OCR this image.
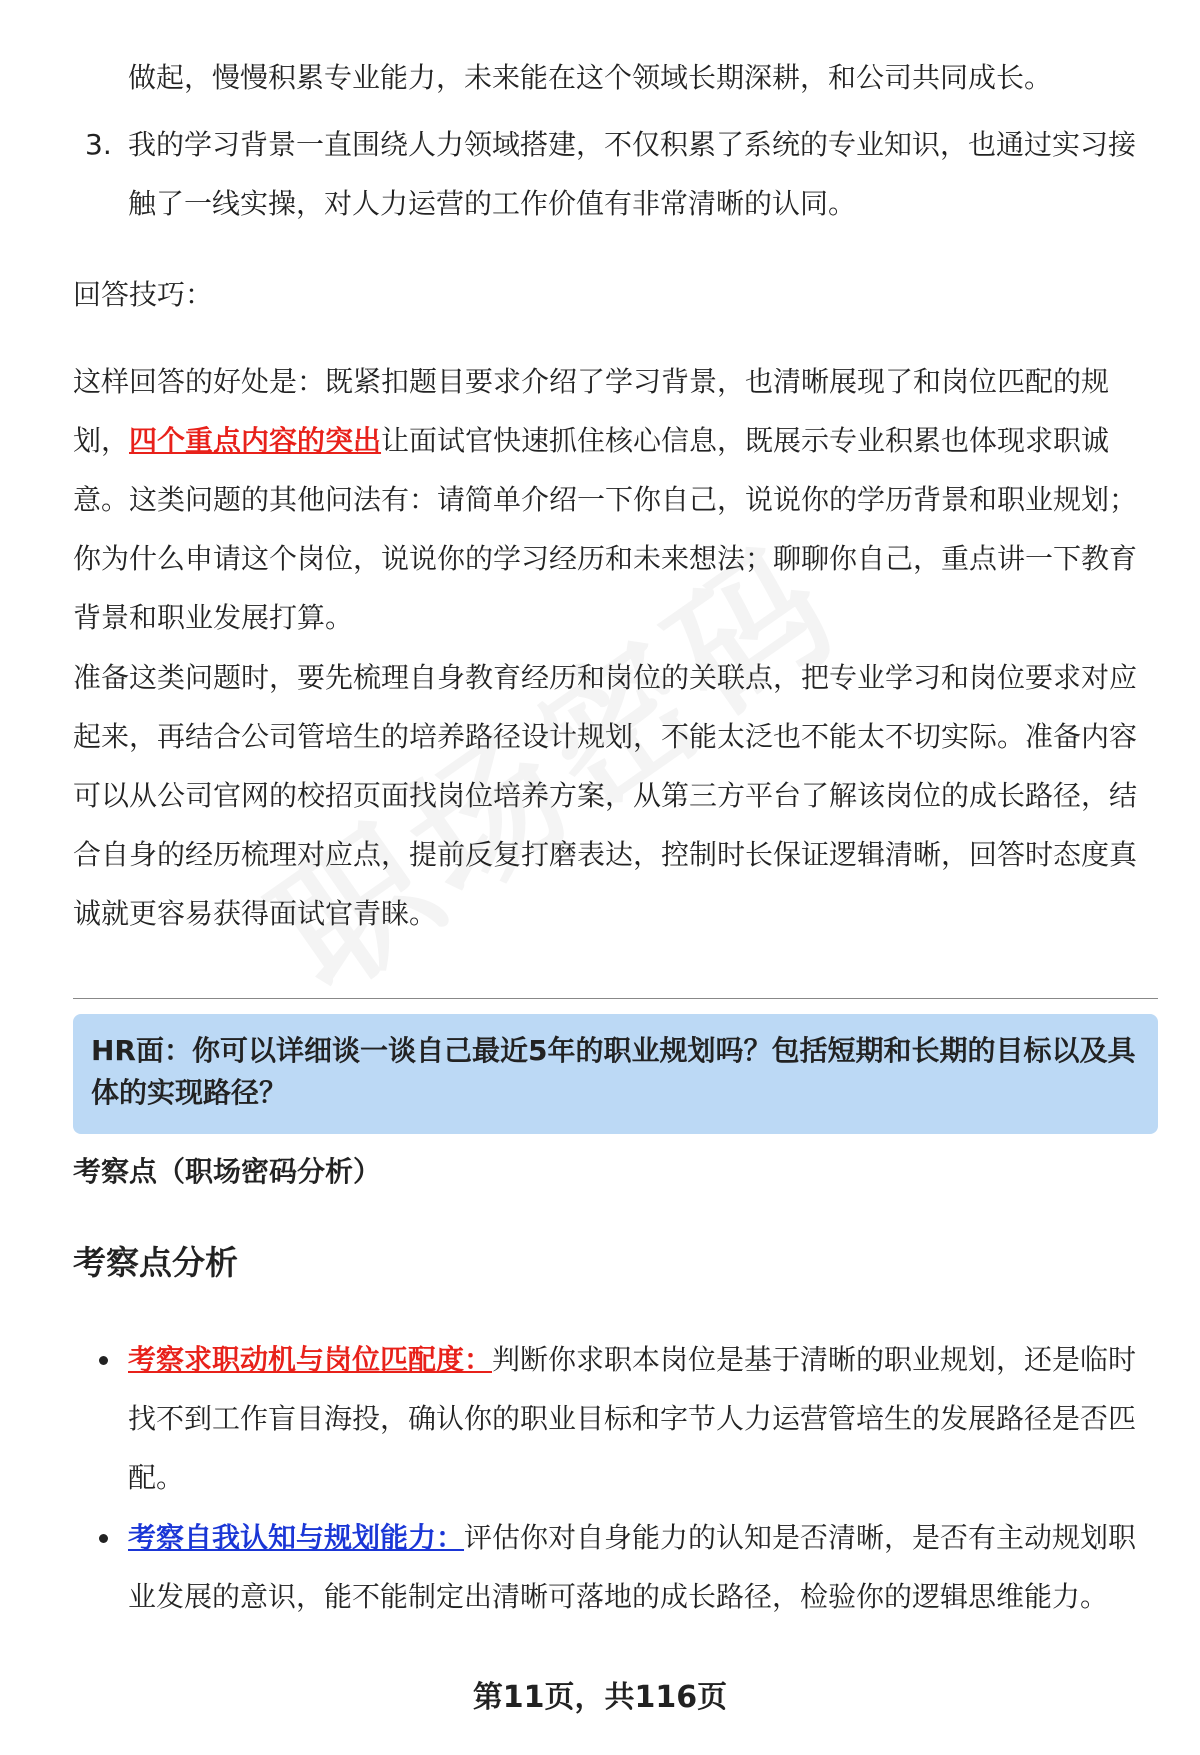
做起，慢慢积累专业能力，未来能在这个领域长期深耕，和公司共同成长。
3. 我的学习背景一直围绕人力领域搭建，不仅积累了系统的专业知识，也通过实习接触了一线实操，对人力运营的工作价值有非常清晰的认同。

回答技巧：

这样回答的好处是：既紧扣题目要求介绍了学习背景，也清晰展现了和岗位匹配的规划，四个重点内容的突出让面试官快速抓住核心信息，既展示专业积累也体现求职诚意。这类问题的其他问法有：请简单介绍一下你自己，说说你的学历背景和职业规划；你为什么申请这个岗位，说说你的学习经历和未来想法；聊聊你自己，重点讲一下教育背景和职业发展打算。

准备这类问题时，要先梳理自身教育经历和岗位的关联点，把专业学习和岗位要求对应起来，再结合公司管培生的培养路径设计规划，不能太泛也不能太不切实际。准备内容可以从公司官网的校招页面找岗位培养方案，从第三方平台了解该岗位的成长路径，结合自身的经历梳理对应点，提前反复打磨表达，控制时长保证逻辑清晰，回答时态度真诚就更容易获得面试官青睐。

HR面：你可以详细谈一谈自己最近5年的职业规划吗？包括短期和长期的目标以及具体的实现路径？
考察点（职场密码分析）
考察点分析
考察求职动机与岗位匹配度：判断你求职本岗位是基于清晰的职业规划，还是临时找不到工作盲目海投，确认你的职业目标和字节人力运营管培生的发展路径是否匹配。
考察自我认知与规划能力：评估你对自身能力的认知是否清晰，是否有主动规划职业发展的意识，能不能制定出清晰可落地的成长路径，检验你的逻辑思维能力。
第11页，共116页
